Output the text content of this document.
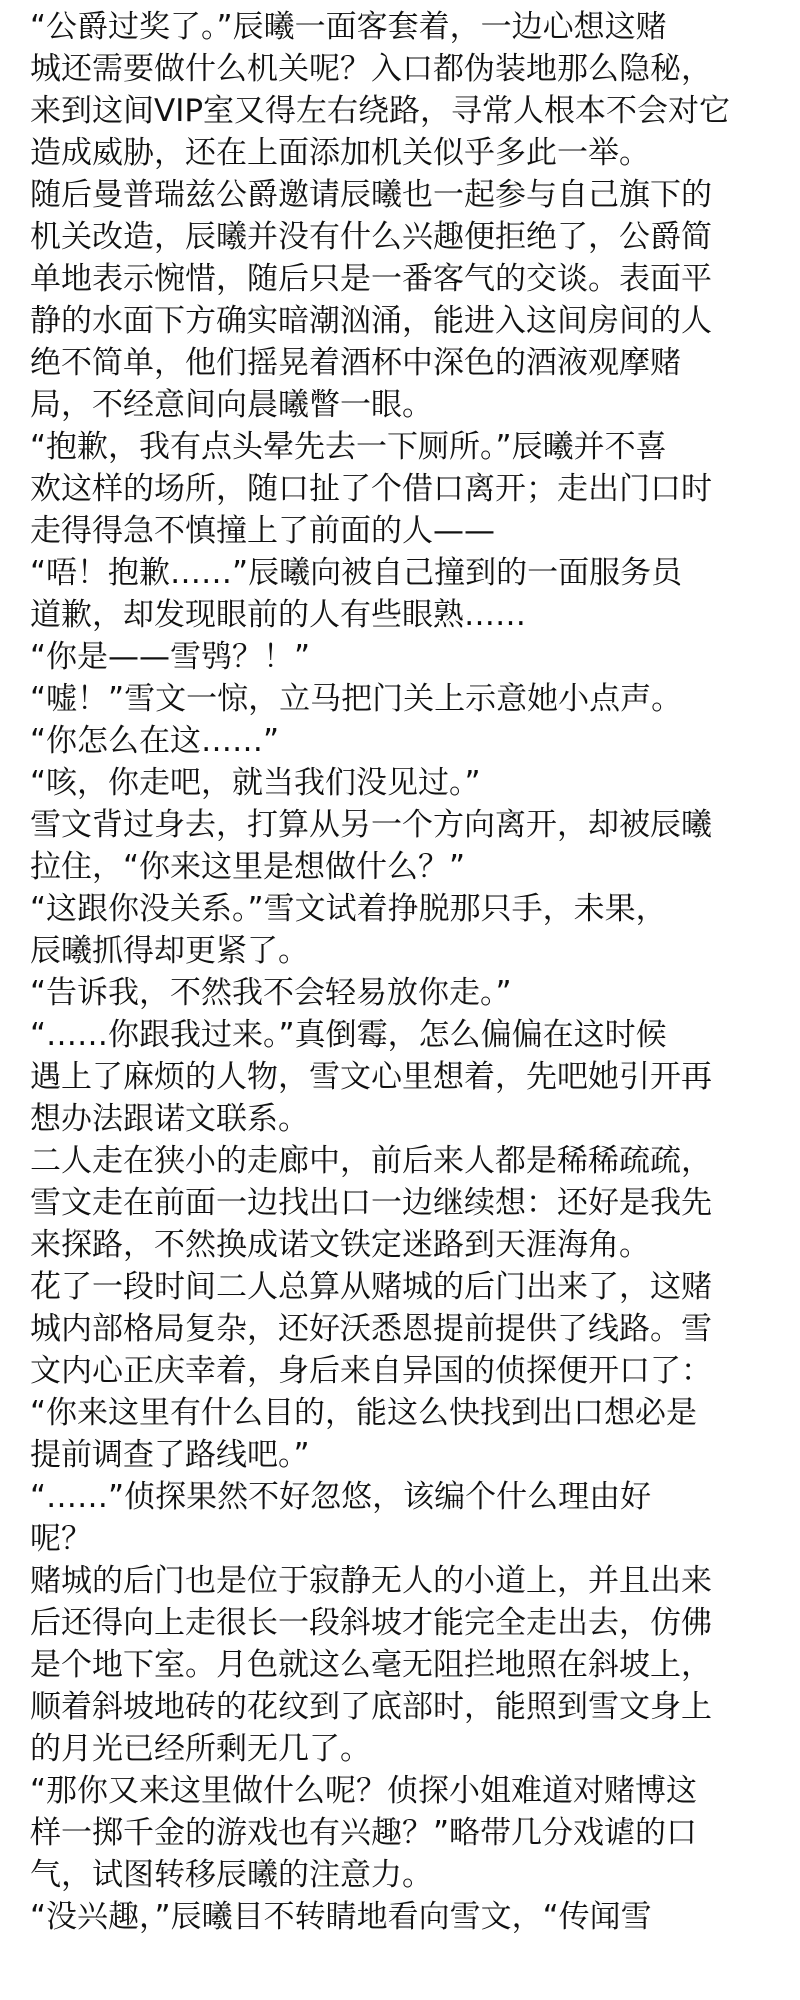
“公爵过奖了。”辰曦一面客套着，一边心想这赌
城还需要做什么机关呢？入口都伪装地那么隐秘，
来到这间VIP室又得左右绕路，寻常人根本不会对它
造成威胁，还在上面添加机关似乎多此一举。
随后曼普瑞兹公爵邀请辰曦也一起参与自己旗下的
机关改造，辰曦并没有什么兴趣便拒绝了，公爵简
单地表示惋惜，随后只是一番客气的交谈。表面平
静的水面下方确实暗潮汹涌，能进入这间房间的人
绝不简单，他们摇晃着酒杯中深色的酒液观摩赌
局，不经意间向晨曦瞥一眼。
“抱歉，我有点头晕先去一下厕所。”辰曦并不喜
欢这样的场所，随口扯了个借口离开；走出门口时
走得得急不慎撞上了前面的人——
“唔！抱歉……”辰曦向被自己撞到的一面服务员
道歉，却发现眼前的人有些眼熟……
“你是——雪鸮？！”
“嘘！”雪文一惊，立马把门关上示意她小点声。
“你怎么在这……”
“咳，你走吧，就当我们没见过。”
雪文背过身去，打算从另一个方向离开，却被辰曦
拉住，“你来这里是想做什么？”
“这跟你没关系。”雪文试着挣脱那只手，未果，
辰曦抓得却更紧了。
“告诉我，不然我不会轻易放你走。”
“……你跟我过来。”真倒霉，怎么偏偏在这时候
遇上了麻烦的人物，雪文心里想着，先吧她引开再
想办法跟诺文联系。
二人走在狭小的走廊中，前后来人都是稀稀疏疏，
雪文走在前面一边找出口一边继续想：还好是我先
来探路，不然换成诺文铁定迷路到天涯海角。
花了一段时间二人总算从赌城的后门出来了，这赌
城内部格局复杂，还好沃悉恩提前提供了线路。雪
文内心正庆幸着，身后来自异国的侦探便开口了：
“你来这里有什么目的，能这么快找到出口想必是
提前调查了路线吧。”
“……”侦探果然不好忽悠，该编个什么理由好
呢？
赌城的后门也是位于寂静无人的小道上，并且出来
后还得向上走很长一段斜坡才能完全走出去，仿佛
是个地下室。月色就这么毫无阻拦地照在斜坡上，
顺着斜坡地砖的花纹到了底部时，能照到雪文身上
的月光已经所剩无几了。
“那你又来这里做什么呢？侦探小姐难道对赌博这
样一掷千金的游戏也有兴趣？”略带几分戏谑的口
气，试图转移辰曦的注意力。
“没兴趣，”辰曦目不转睛地看向雪文，“传闻雪
